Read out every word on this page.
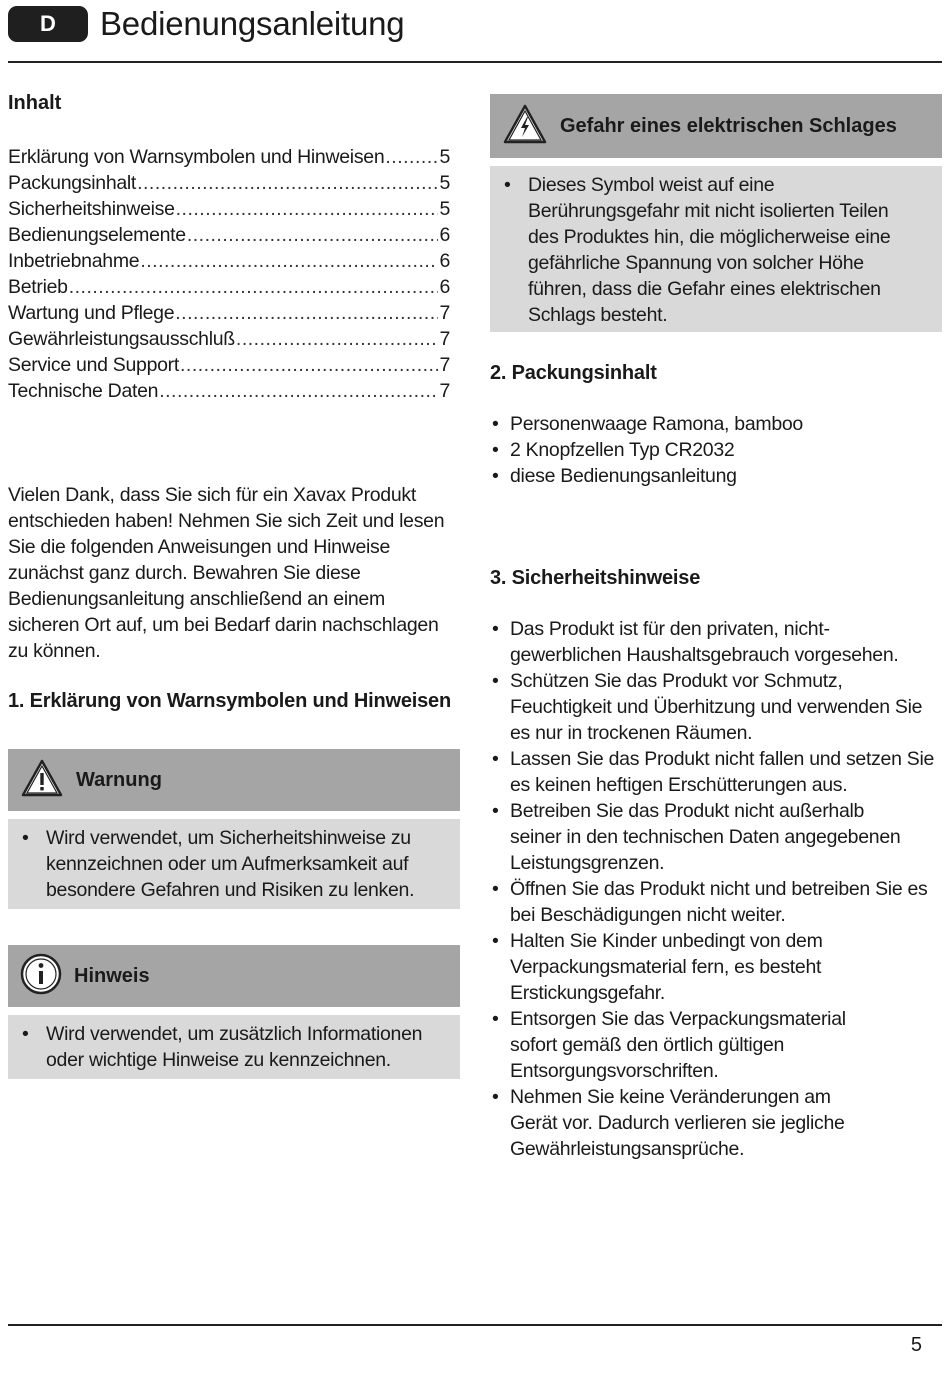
D	Bedienungsanleitung
Inhalt
Erklärung von Warnsymbolen und Hinweisen .....	5
Packungsinhalt .....	5
Sicherheitshinweise .....	5
Bedienungselemente .....	6
Inbetriebnahme .....	6
Betrieb .....	6
Wartung und Pflege .....	7
Gewährleistungsausschluß .....	7
Service und Support .....	7
Technische Daten .....	7
Vielen Dank, dass Sie sich für ein Xavax Produkt
entschieden haben! Nehmen Sie sich Zeit und lesen
Sie die folgenden Anweisungen und Hinweise
zunächst ganz durch. Bewahren Sie diese
Bedienungsanleitung anschließend an einem
sicheren Ort auf, um bei Bedarf darin nachschlagen
zu können.
1. Erklärung von Warnsymbolen und Hinweisen
Warnung
• Wird verwendet, um Sicherheitshinweise zu
kennzeichnen oder um Aufmerksamkeit auf
besondere Gefahren und Risiken zu lenken.
Hinweis
• Wird verwendet, um zusätzlich Informationen
oder wichtige Hinweise zu kennzeichnen.
Gefahr eines elektrischen Schlages
• Dieses Symbol weist auf eine
Berührungsgefahr mit nicht isolierten Teilen
des Produktes hin, die möglicherweise eine
gefährliche Spannung von solcher Höhe
führen, dass die Gefahr eines elektrischen
Schlags besteht.
2. Packungsinhalt
• Personenwaage Ramona, bamboo
• 2 Knopfzellen Typ CR2032
• diese Bedienungsanleitung
3. Sicherheitshinweise
• Das Produkt ist für den privaten, nicht-
gewerblichen Haushaltsgebrauch vorgesehen.
• Schützen Sie das Produkt vor Schmutz,
Feuchtigkeit und Überhitzung und verwenden Sie
es nur in trockenen Räumen.
• Lassen Sie das Produkt nicht fallen und setzen Sie
es keinen heftigen Erschütterungen aus.
• Betreiben Sie das Produkt nicht außerhalb
seiner in den technischen Daten angegebenen
Leistungsgrenzen.
• Öffnen Sie das Produkt nicht und betreiben Sie es
bei Beschädigungen nicht weiter.
• Halten Sie Kinder unbedingt von dem
Verpackungsmaterial fern, es besteht
Erstickungsgefahr.
• Entsorgen Sie das Verpackungsmaterial
sofort gemäß den örtlich gültigen
Entsorgungsvorschriften.
• Nehmen Sie keine Veränderungen am
Gerät vor. Dadurch verlieren sie jegliche
Gewährleistungsansprüche.
5
